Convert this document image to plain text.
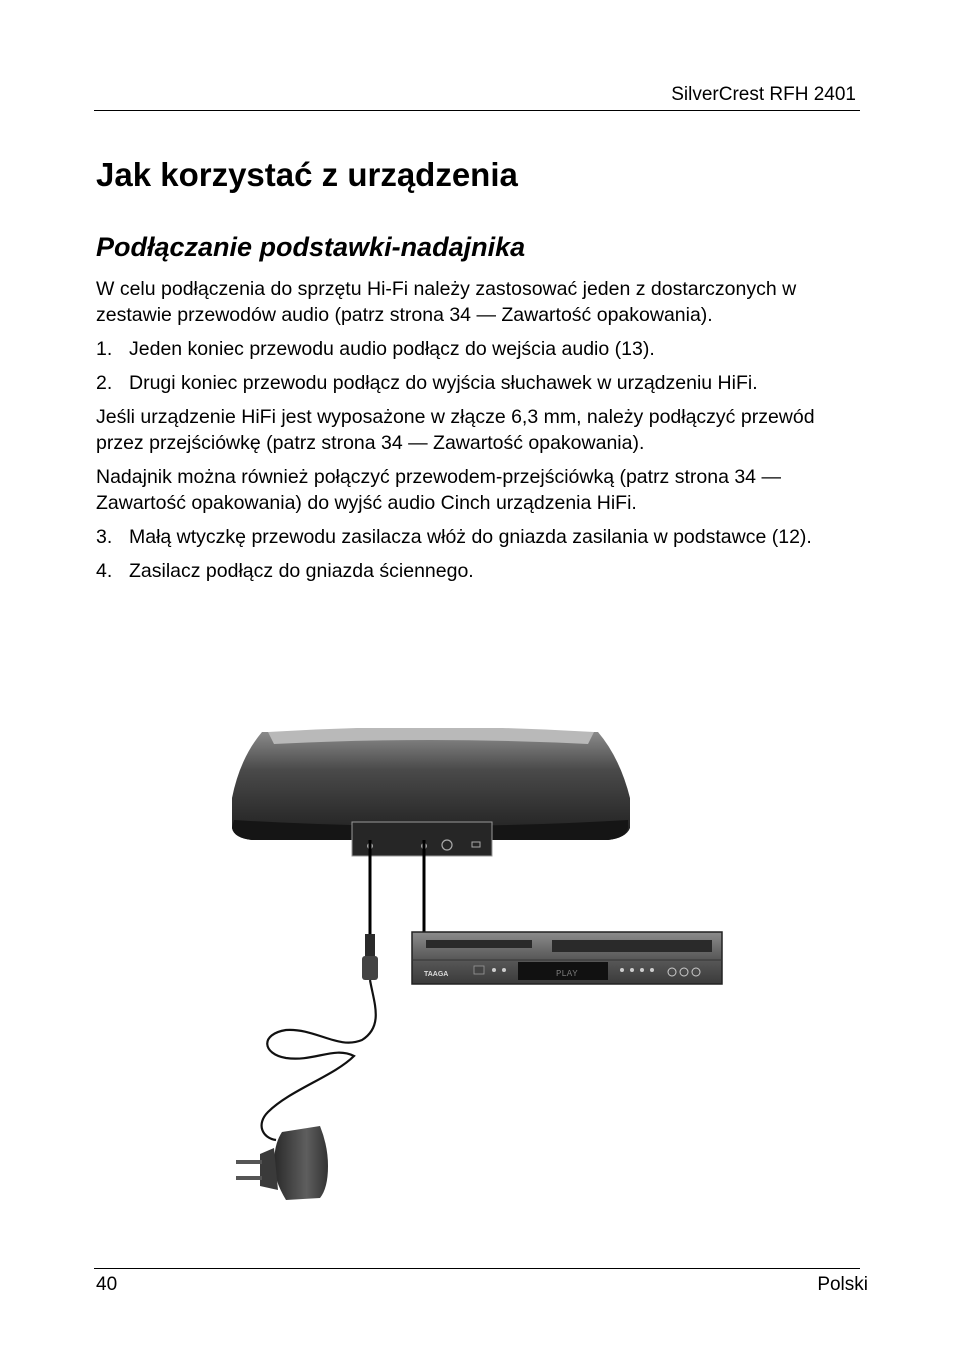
SilverCrest RFH 2401
Jak korzystać z urządzenia
Podłączanie podstawki-nadajnika

W celu podłączenia do sprzętu Hi-Fi należy zastosować jeden z dostarczonych w zestawie przewodów audio (patrz strona 34 — Zawartość opakowania).

1. Jeden koniec przewodu audio podłącz do wejścia audio (13).
2. Drugi koniec przewodu podłącz do wyjścia słuchawek w urządzeniu HiFi.

Jeśli urządzenie HiFi jest wyposażone w złącze 6,3 mm, należy podłączyć przewód przez przejściówkę (patrz strona 34 — Zawartość opakowania).

Nadajnik można również połączyć przewodem-przejściówką (patrz strona 34 — Zawartość opakowania) do wyjść audio Cinch urządzenia HiFi.

3. Małą wtyczkę przewodu zasilacza włóż do gniazda zasilania w podstawce (12).
4. Zasilacz podłącz do gniazda ściennego.
TAAGA	PLAY
40	Polski
